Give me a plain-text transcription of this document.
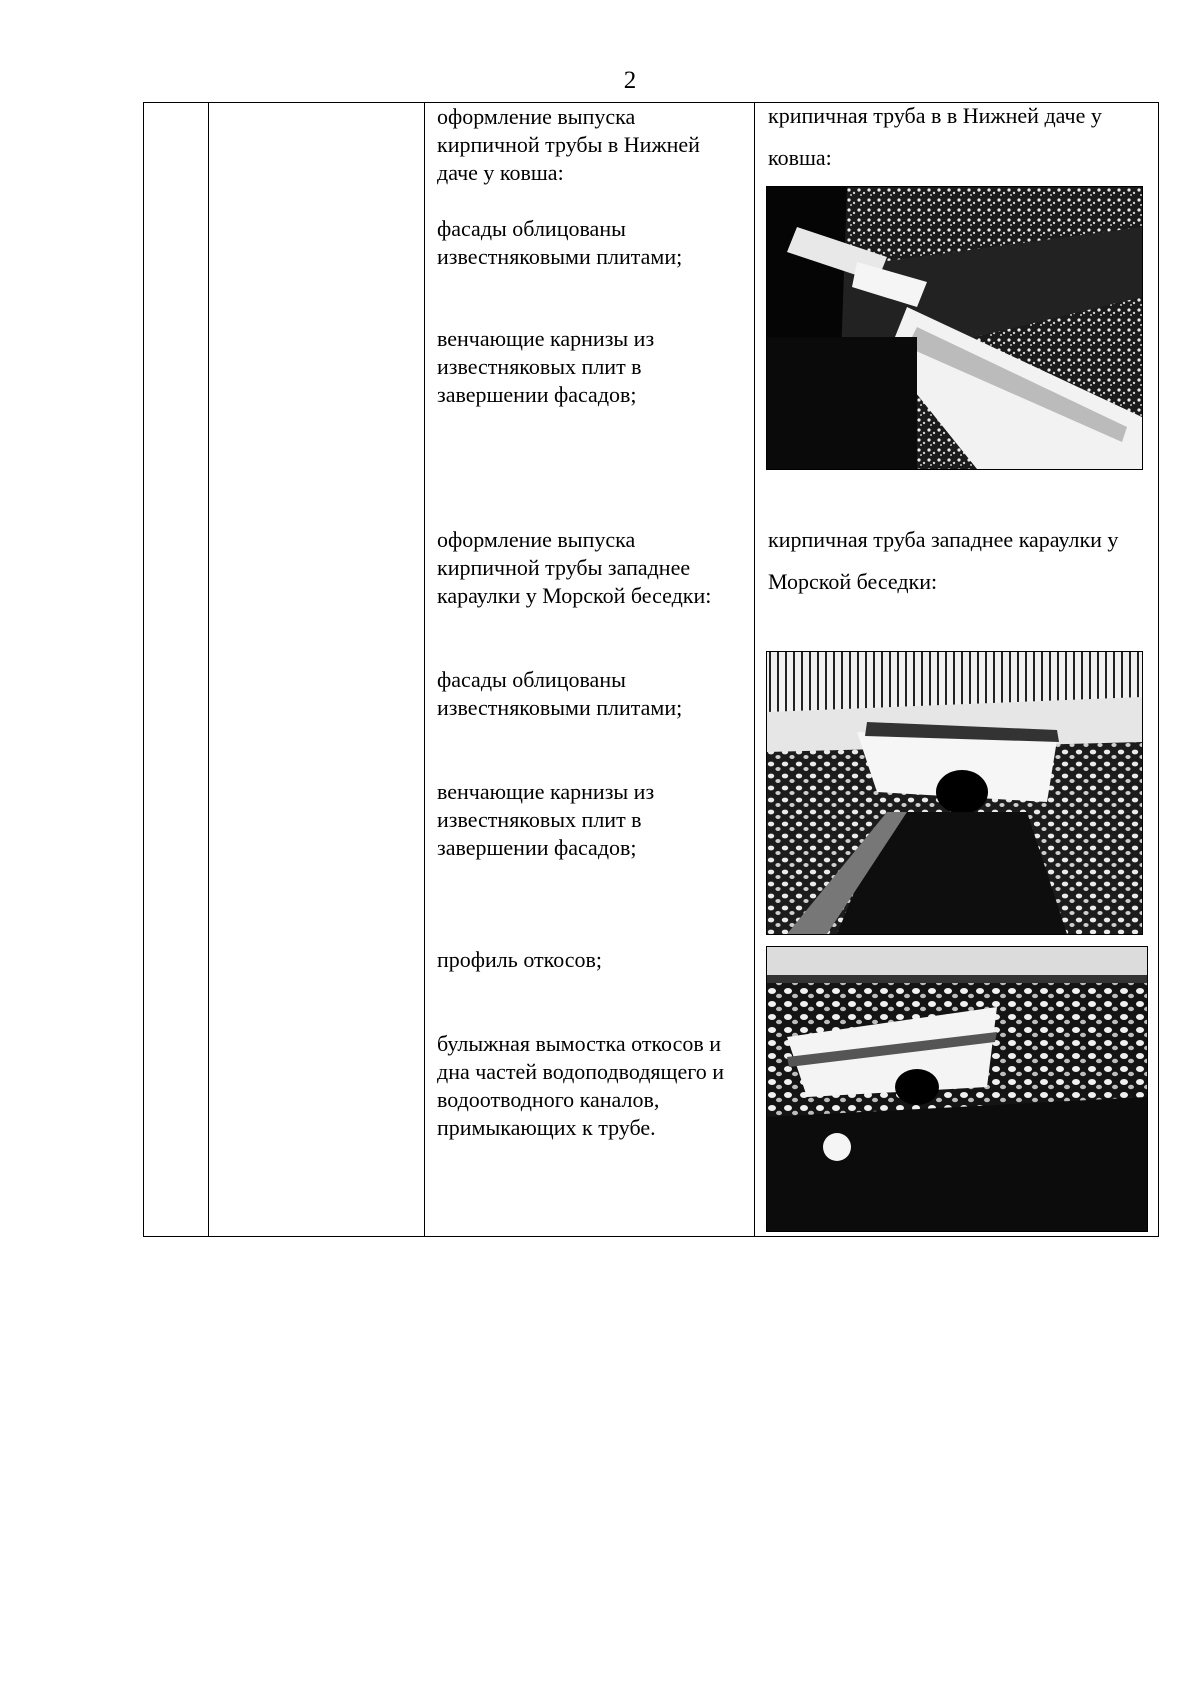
2

оформление выпуска кирпичной трубы в Нижней даче у ковша:

фасады облицованы известняковыми плитами;

венчающие карнизы из известняковых плит в завершении фасадов;

крипичная труба в в Нижней даче у ковша:

оформление выпуска кирпичной трубы западнее караулки у Морской беседки:

фасады облицованы известняковыми плитами;

венчающие карнизы из известняковых плит в завершении фасадов;

профиль откосов;

булыжная вымостка откосов и дна частей водоподводящего и водоотводного каналов, примыкающих к трубе.

кирпичная труба западнее караулки у Морской беседки:
